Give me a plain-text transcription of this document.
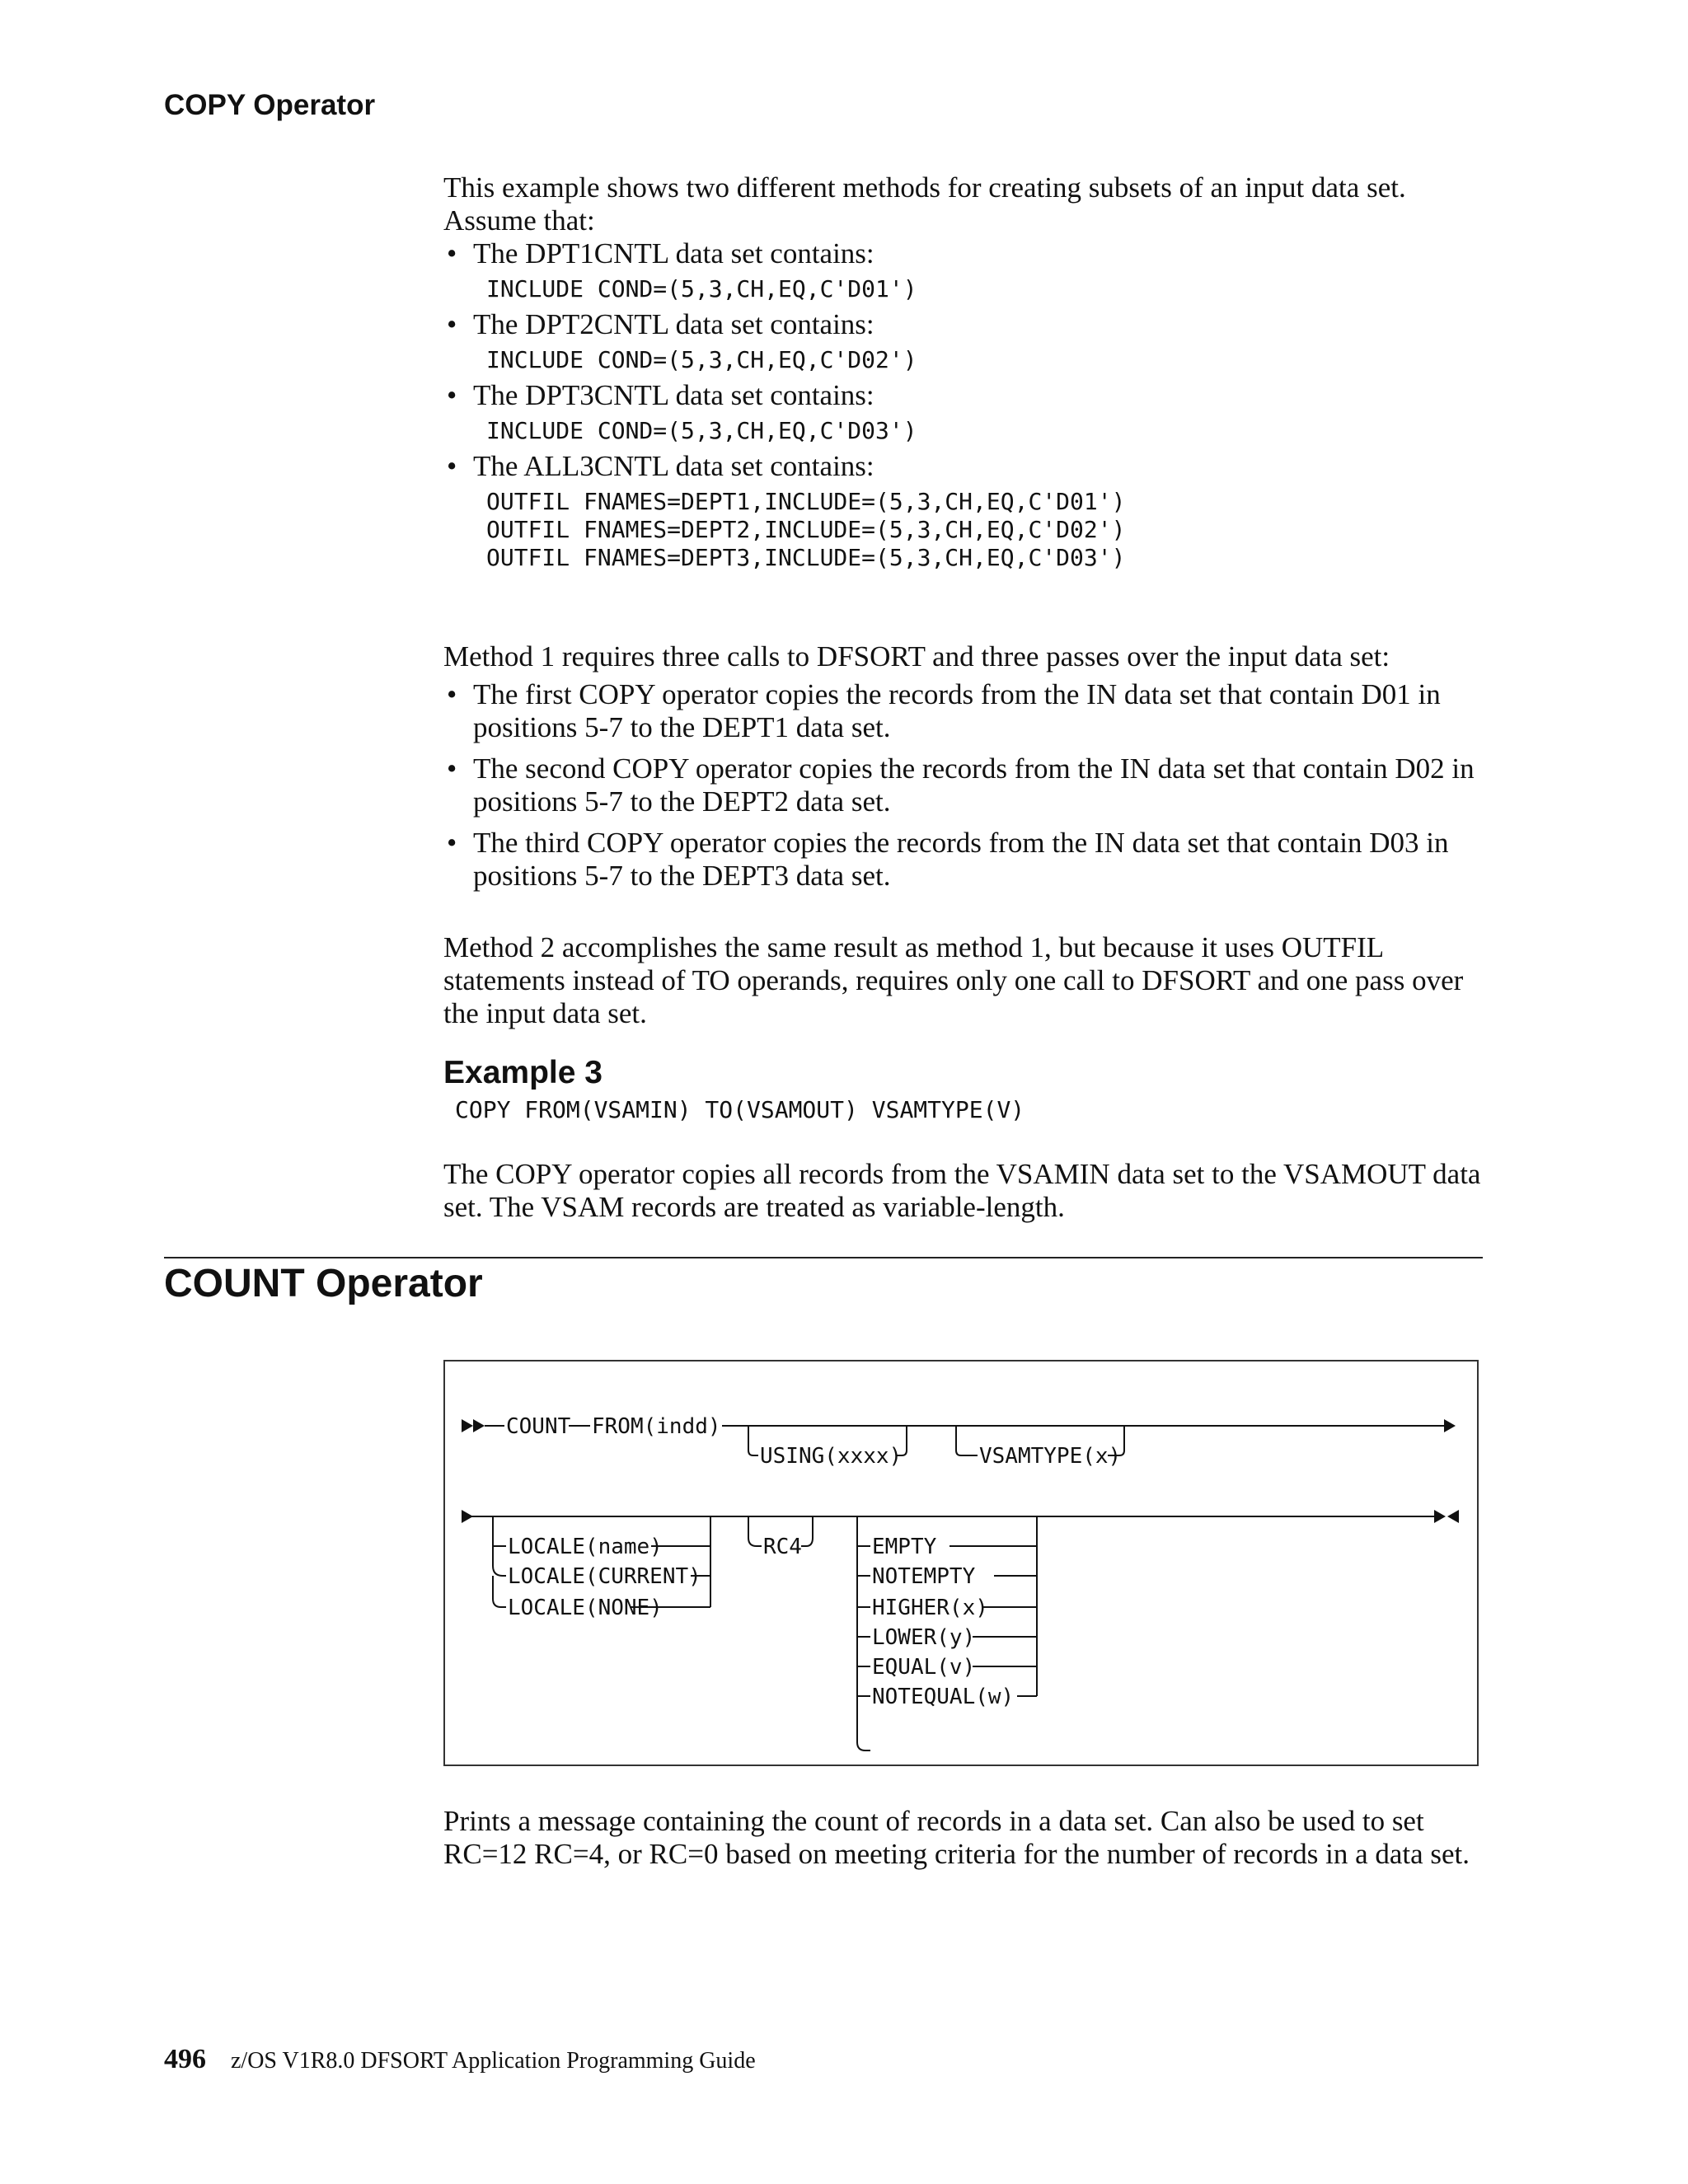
COPY Operator

This example shows two different methods for creating subsets of an input data set. Assume that:

• The DPT1CNTL data set contains:
INCLUDE COND=(5,3,CH,EQ,C'D01')
• The DPT2CNTL data set contains:
INCLUDE COND=(5,3,CH,EQ,C'D02')
• The DPT3CNTL data set contains:
INCLUDE COND=(5,3,CH,EQ,C'D03')
• The ALL3CNTL data set contains:
OUTFIL FNAMES=DEPT1,INCLUDE=(5,3,CH,EQ,C'D01')
OUTFIL FNAMES=DEPT2,INCLUDE=(5,3,CH,EQ,C'D02')
OUTFIL FNAMES=DEPT3,INCLUDE=(5,3,CH,EQ,C'D03')

Method 1 requires three calls to DFSORT and three passes over the input data set:

• The first COPY operator copies the records from the IN data set that contain D01 in positions 5-7 to the DEPT1 data set.
• The second COPY operator copies the records from the IN data set that contain D02 in positions 5-7 to the DEPT2 data set.
• The third COPY operator copies the records from the IN data set that contain D03 in positions 5-7 to the DEPT3 data set.

Method 2 accomplishes the same result as method 1, but because it uses OUTFIL statements instead of TO operands, requires only one call to DFSORT and one pass over the input data set.

Example 3
COPY FROM(VSAMIN) TO(VSAMOUT) VSAMTYPE(V)
The COPY operator copies all records from the VSAMIN data set to the VSAMOUT data set. The VSAM records are treated as variable-length.
COUNT Operator
COUNT FROM(indd)
USING(xxxx)	VSAMTYPE(x)
LOCALE(name)
LOCALE(CURRENT)
LOCALE(NONE)
RC4	EMPTY
NOTEMPTY
HIGHER(x)
LOWER(y)
EQUAL(v)
NOTEQUAL(w)
Prints a message containing the count of records in a data set. Can also be used to set RC=12 RC=4, or RC=0 based on meeting criteria for the number of records in a data set.
496 z/OS V1R8.0 DFSORT Application Programming Guide
